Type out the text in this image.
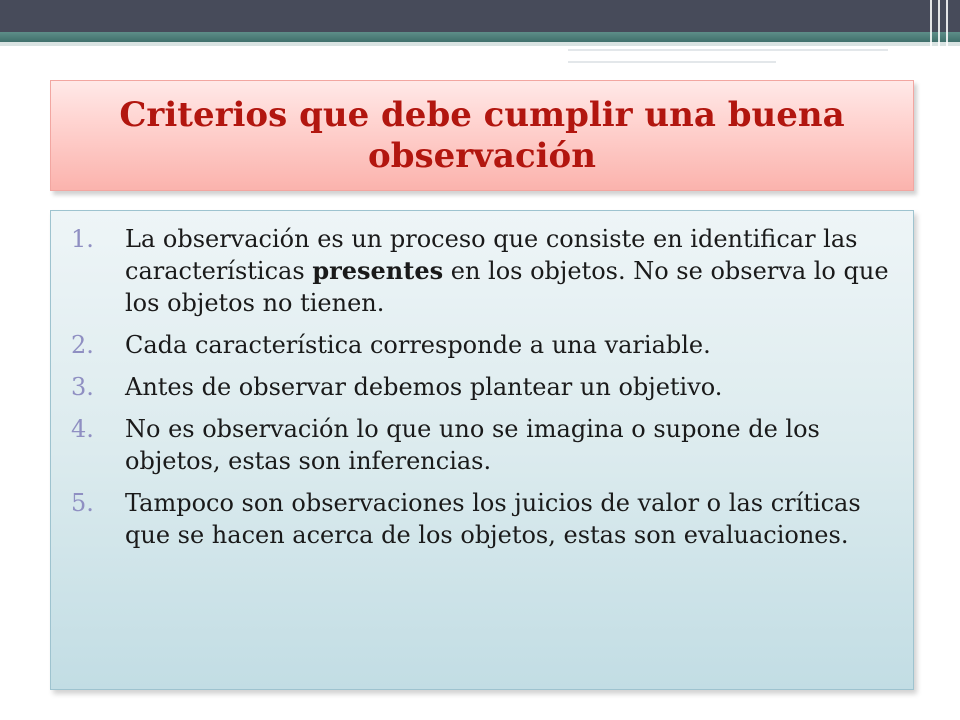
Criterios que debe cumplir una buena observación
1.	La observación es un proceso que consiste en identificar las características presentes en los objetos. No se observa lo que los objetos no tienen.
2.	Cada característica corresponde a una variable.
3.	Antes de observar debemos plantear un objetivo.
4.	No es observación lo que uno se imagina o supone de los objetos, estas son inferencias.
5.	Tampoco son observaciones los juicios de valor o las críticas que se hacen acerca de los objetos, estas son evaluaciones.
